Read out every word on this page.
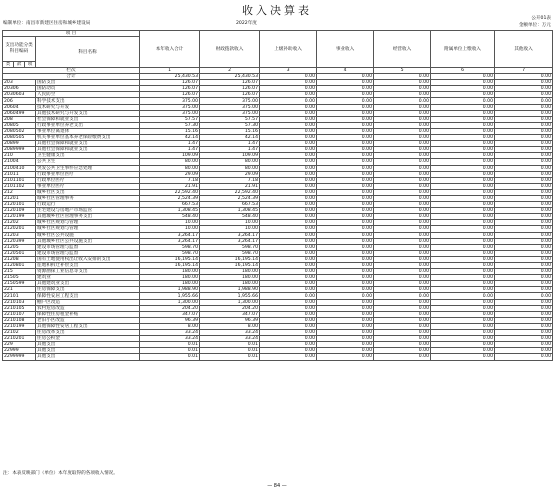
收入决算表
编制单位：南昌市新建区住房和城乡建设局	2022年度
公开01表
金额单位：万元
项 目				本年收入合计	财政拨款收入	上级补助收入	事业收入	经营收入	附属单位上缴收入	其他收入
支出功能分类科目编码			科目名称							
类	款	项								
栏次				1	2	3	4	5	6	7
合计				25,430.53	25,430.53	0.00	0.00	0.00	0.00	0.00
203			国防支出	126.07	126.07	0.00	0.00	0.00	0.00	0.00
20306			国防动员	126.07	126.07	0.00	0.00	0.00	0.00	0.00
2030603			人民防空	126.07	126.07	0.00	0.00	0.00	0.00	0.00
206			科学技术支出	375.00	375.00	0.00	0.00	0.00	0.00	0.00
20604			技术研究与开发	375.00	375.00	0.00	0.00	0.00	0.00	0.00
2060499			其他技术研究与开发支出	375.00	375.00	0.00	0.00	0.00	0.00	0.00
208			社会保障和就业支出	57.57	57.57	0.00	0.00	0.00	0.00	0.00
20805			行政事业单位养老支出	57.30	57.30	0.00	0.00	0.00	0.00	0.00
2080502			事业单位离退休	15.16	15.16	0.00	0.00	0.00	0.00	0.00
2080505			机关事业单位基本养老保险缴费支出	42.14	42.14	0.00	0.00	0.00	0.00	0.00
20899			其他社会保障和就业支出	1.47	1.47	0.00	0.00	0.00	0.00	0.00
2089999			其他社会保障和就业支出	1.47	1.47	0.00	0.00	0.00	0.00	0.00
210			卫生健康支出	109.09	109.09	0.00	0.00	0.00	0.00	0.00
21004			公共卫生	80.00	80.00	0.00	0.00	0.00	0.00	0.00
2100410			突发公共卫生事件应急处理	80.00	80.00	0.00	0.00	0.00	0.00	0.00
21011			行政事业单位医疗	29.09	29.09	0.00	0.00	0.00	0.00	0.00
2101101			行政单位医疗	7.18	7.18	0.00	0.00	0.00	0.00	0.00
2101102			事业单位医疗	21.91	21.91	0.00	0.00	0.00	0.00	0.00
212			城乡社区支出	22,592.40	22,592.40	0.00	0.00	0.00	0.00	0.00
21201			城乡社区管理事务	2,524.39	2,524.39	0.00	0.00	0.00	0.00	0.00
2120101			行政运行	667.53	667.53	0.00	0.00	0.00	0.00	0.00
2120109			住宅建设与房地产市场监管	1,308.45	1,308.45	0.00	0.00	0.00	0.00	0.00
2120199			其他城乡社区管理事务支出	548.40	548.40	0.00	0.00	0.00	0.00	0.00
21202			城乡社区规划与管理	10.00	10.00	0.00	0.00	0.00	0.00	0.00
2120201			城乡社区规划与管理	10.00	10.00	0.00	0.00	0.00	0.00	0.00
21203			城乡社区公共设施	3,264.17	3,264.17	0.00	0.00	0.00	0.00	0.00
2120399			其他城乡社区公共设施支出	3,264.17	3,264.17	0.00	0.00	0.00	0.00	0.00
21205			建设市场管理与监督	598.70	598.70	0.00	0.00	0.00	0.00	0.00
2120501			建设市场管理与监督	598.70	598.70	0.00	0.00	0.00	0.00	0.00
21208			国有土地使用权出让收入安排的支出	16,195.14	16,195.14	0.00	0.00	0.00	0.00	0.00
2120801			征地和拆迁补偿支出	16,195.14	16,195.14	0.00	0.00	0.00	0.00	0.00
215			资源勘探工业信息等支出	180.00	180.00	0.00	0.00	0.00	0.00	0.00
21505			建筑业	180.00	180.00	0.00	0.00	0.00	0.00	0.00
2150599			其他建筑业支出	180.00	180.00	0.00	0.00	0.00	0.00	0.00
221			住房保障支出	1,988.90	1,988.90	0.00	0.00	0.00	0.00	0.00
22101			保障性安居工程支出	1,955.66	1,955.66	0.00	0.00	0.00	0.00	0.00
2210103			棚户区改造	1,300.00	1,300.00	0.00	0.00	0.00	0.00	0.00
2210105			农村危房改造	204.20	204.20	0.00	0.00	0.00	0.00	0.00
2210107			保障性住房租金补贴	347.07	347.07	0.00	0.00	0.00	0.00	0.00
2210108			老旧小区改造	96.39	96.39	0.00	0.00	0.00	0.00	0.00
2210199			其他保障性安居工程支出	8.00	8.00	0.00	0.00	0.00	0.00	0.00
22102			住房改革支出	33.24	33.24	0.00	0.00	0.00	0.00	0.00
2210201			住房公积金	33.24	33.24	0.00	0.00	0.00	0.00	0.00
229			其他支出	0.01	0.01	0.00	0.00	0.00	0.00	0.00
22999			其他支出	0.01	0.01	0.00	0.00	0.00	0.00	0.00
2299999			其他支出	0.01	0.01	0.00	0.00	0.00	0.00	0.00
注：本表反映部门（单位）本年度取得的各项收入情况。
— 84 —
